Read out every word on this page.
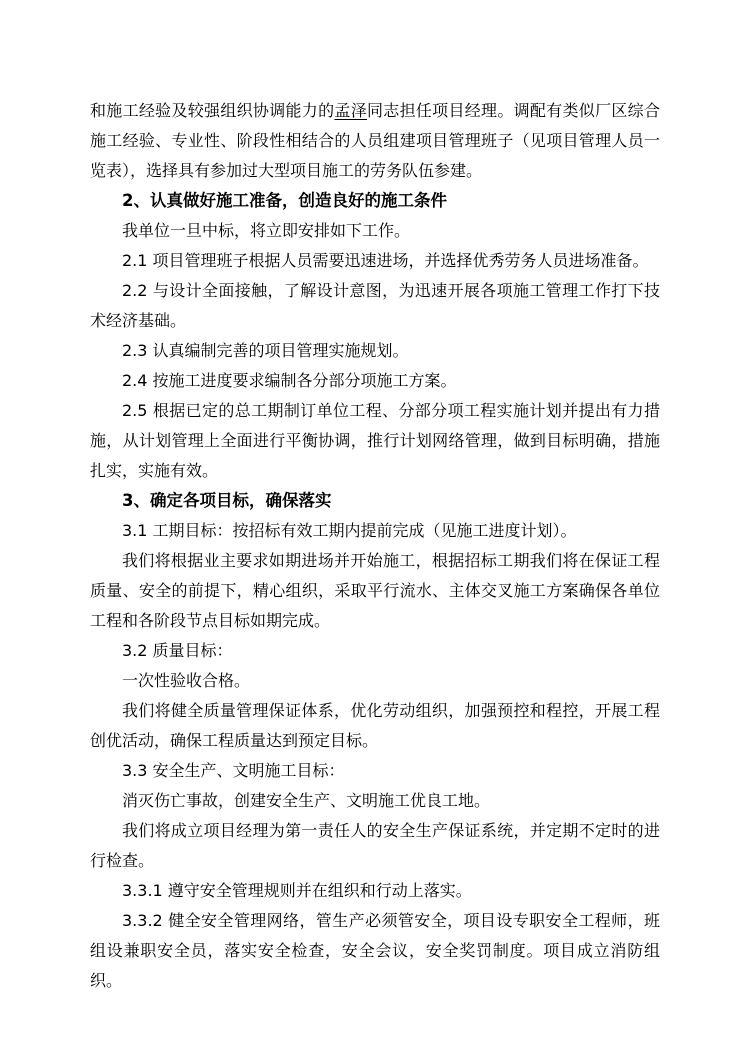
和施工经验及较强组织协调能力的孟泽同志担任项目经理。调配有类似厂区综合施工经验、专业性、阶段性相结合的人员组建项目管理班子（见项目管理人员一览表），选择具有参加过大型项目施工的劳务队伍参建。

2、认真做好施工准备，创造良好的施工条件

我单位一旦中标，将立即安排如下工作。

2.1 项目管理班子根据人员需要迅速进场，并选择优秀劳务人员进场准备。

2.2 与设计全面接触，了解设计意图，为迅速开展各项施工管理工作打下技术经济基础。

2.3 认真编制完善的项目管理实施规划。

2.4 按施工进度要求编制各分部分项施工方案。

2.5 根据已定的总工期制订单位工程、分部分项工程实施计划并提出有力措施，从计划管理上全面进行平衡协调，推行计划网络管理，做到目标明确，措施扎实，实施有效。

3、确定各项目标，确保落实

3.1 工期目标：按招标有效工期内提前完成（见施工进度计划）。

我们将根据业主要求如期进场并开始施工，根据招标工期我们将在保证工程质量、安全的前提下，精心组织，采取平行流水、主体交叉施工方案确保各单位工程和各阶段节点目标如期完成。

3.2 质量目标：

一次性验收合格。

我们将健全质量管理保证体系，优化劳动组织，加强预控和程控，开展工程创优活动，确保工程质量达到预定目标。

3.3 安全生产、文明施工目标：

消灭伤亡事故，创建安全生产、文明施工优良工地。

我们将成立项目经理为第一责任人的安全生产保证系统，并定期不定时的进行检查。

3.3.1 遵守安全管理规则并在组织和行动上落实。

3.3.2 健全安全管理网络，管生产必须管安全，项目设专职安全工程师，班组设兼职安全员，落实安全检查，安全会议，安全奖罚制度。项目成立消防组织。
